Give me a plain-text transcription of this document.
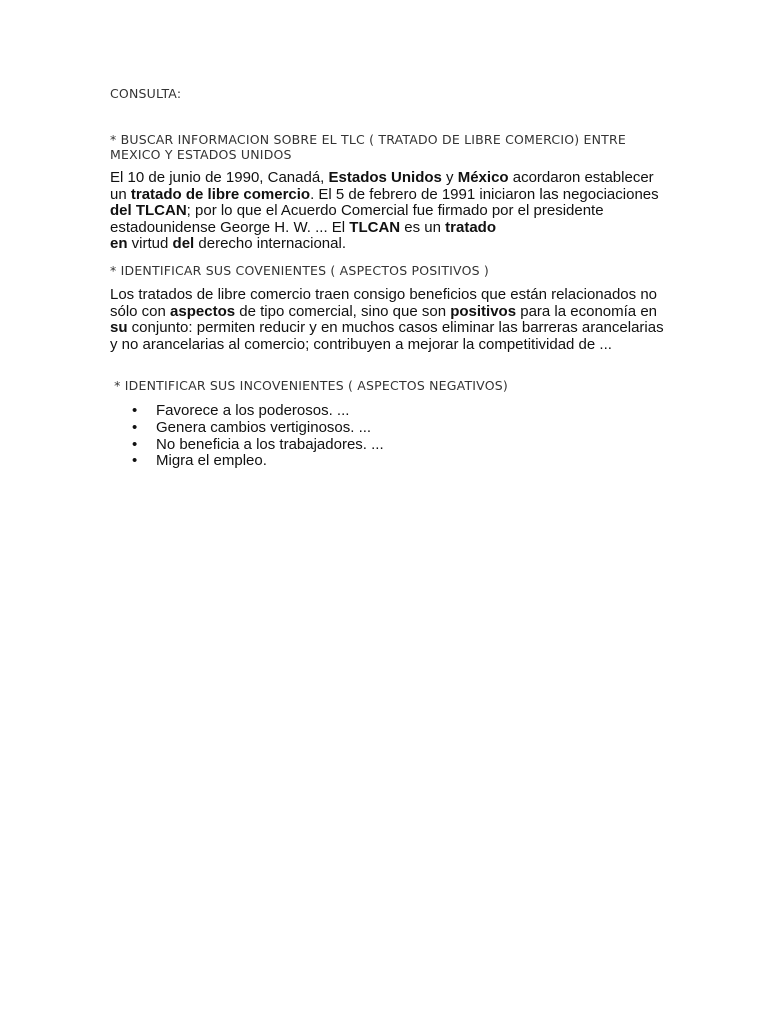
CONSULTA:

* BUSCAR INFORMACION SOBRE EL TLC ( TRATADO DE LIBRE COMERCIO) ENTRE MEXICO Y ESTADOS UNIDOS

El 10 de junio de 1990, Canadá, Estados Unidos y México acordaron establecer un tratado de libre comercio. El 5 de febrero de 1991 iniciaron las negociaciones del TLCAN; por lo que el Acuerdo Comercial fue firmado por el presidente estadounidense George H. W. ... El TLCAN es un tratado
en virtud del derecho internacional.

* IDENTIFICAR SUS COVENIENTES ( ASPECTOS POSITIVOS )

Los tratados de libre comercio traen consigo beneficios que están relacionados no sólo con aspectos de tipo comercial, sino que son positivos para la economía en su conjunto: permiten reducir y en muchos casos eliminar las barreras arancelarias y no arancelarias al comercio; contribuyen a mejorar la competitividad de ...

* IDENTIFICAR SUS INCOVENIENTES ( ASPECTOS NEGATIVOS)

• Favorece a los poderosos. ...
• Genera cambios vertiginosos. ...
• No beneficia a los trabajadores. ...
• Migra el empleo.
